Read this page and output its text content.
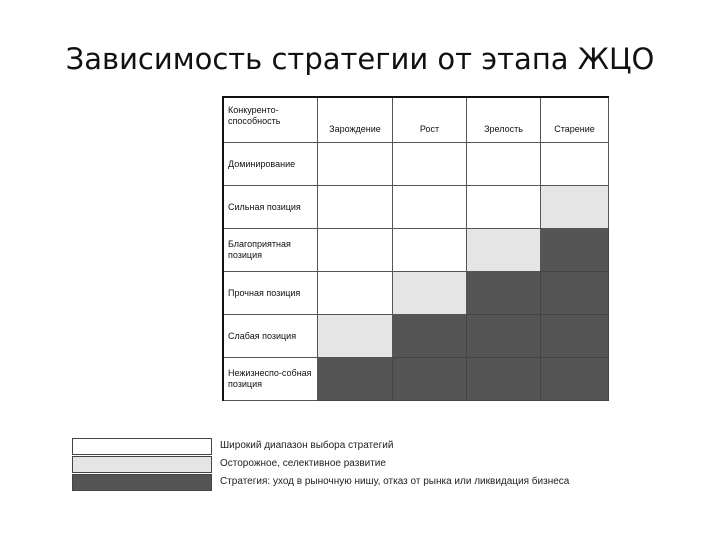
Зависимость стратегии от этапа ЖЦО
Конкуренто-
способность
Зарождение	Рост	Зрелость	Старение
Доминирование
Сильная позиция
Благоприятная позиция
Прочная позиция
Слабая позиция
Нежизнеспо-собная позиция
Широкий диапазон выбора стратегий
Осторожное, селективное развитие
Стратегия: уход в рыночную нишу, отказ от рынка или ликвидация бизнеса
